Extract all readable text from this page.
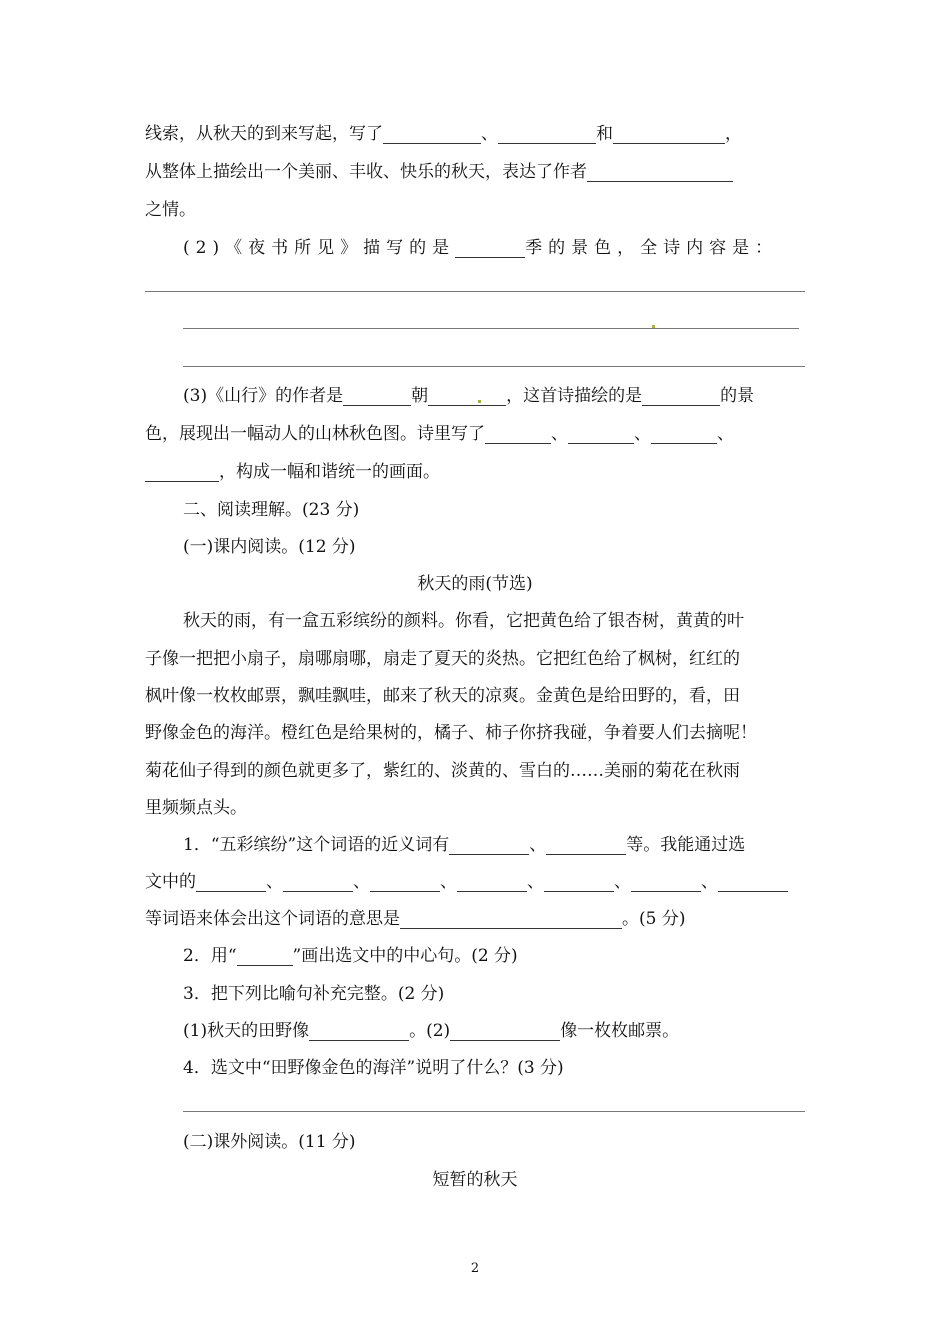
线索，从秋天的到来写起，写了	、	和	，
从整体上描绘出一个美丽、丰收、快乐的秋天，表达了作者
之情。
(2)《夜书所见》描写的是	季的景色，全诗内容是：
(3)《山行》的作者是	朝	，这首诗描绘的是	的景
色，展现出一幅动人的山林秋色图。诗里写了	、	、	、
，构成一幅和谐统一的画面。
二、阅读理解。(23 分)
(一)课内阅读。(12 分)
秋天的雨(节选)
秋天的雨，有一盒五彩缤纷的颜料。你看，它把黄色给了银杏树，黄黄的叶
子像一把把小扇子，扇哪扇哪，扇走了夏天的炎热。它把红色给了枫树，红红的
枫叶像一枚枚邮票，飘哇飘哇，邮来了秋天的凉爽。金黄色是给田野的，看，田
野像金色的海洋。橙红色是给果树的，橘子、柿子你挤我碰，争着要人们去摘呢！
菊花仙子得到的颜色就更多了，紫红的、淡黄的、雪白的……美丽的菊花在秋雨
里频频点头。
1．“五彩缤纷”这个词语的近义词有	、	等。我能通过选
文中的	、	、	、	、	、	、
等词语来体会出这个词语的意思是	。(5 分)
2．用“	”画出选文中的中心句。(2 分)
3．把下列比喻句补充完整。(2 分)
(1)秋天的田野像	。(2)	像一枚枚邮票。
4．选文中“田野像金色的海洋”说明了什么？(3 分)
(二)课外阅读。(11 分)
短暂的秋天
2
